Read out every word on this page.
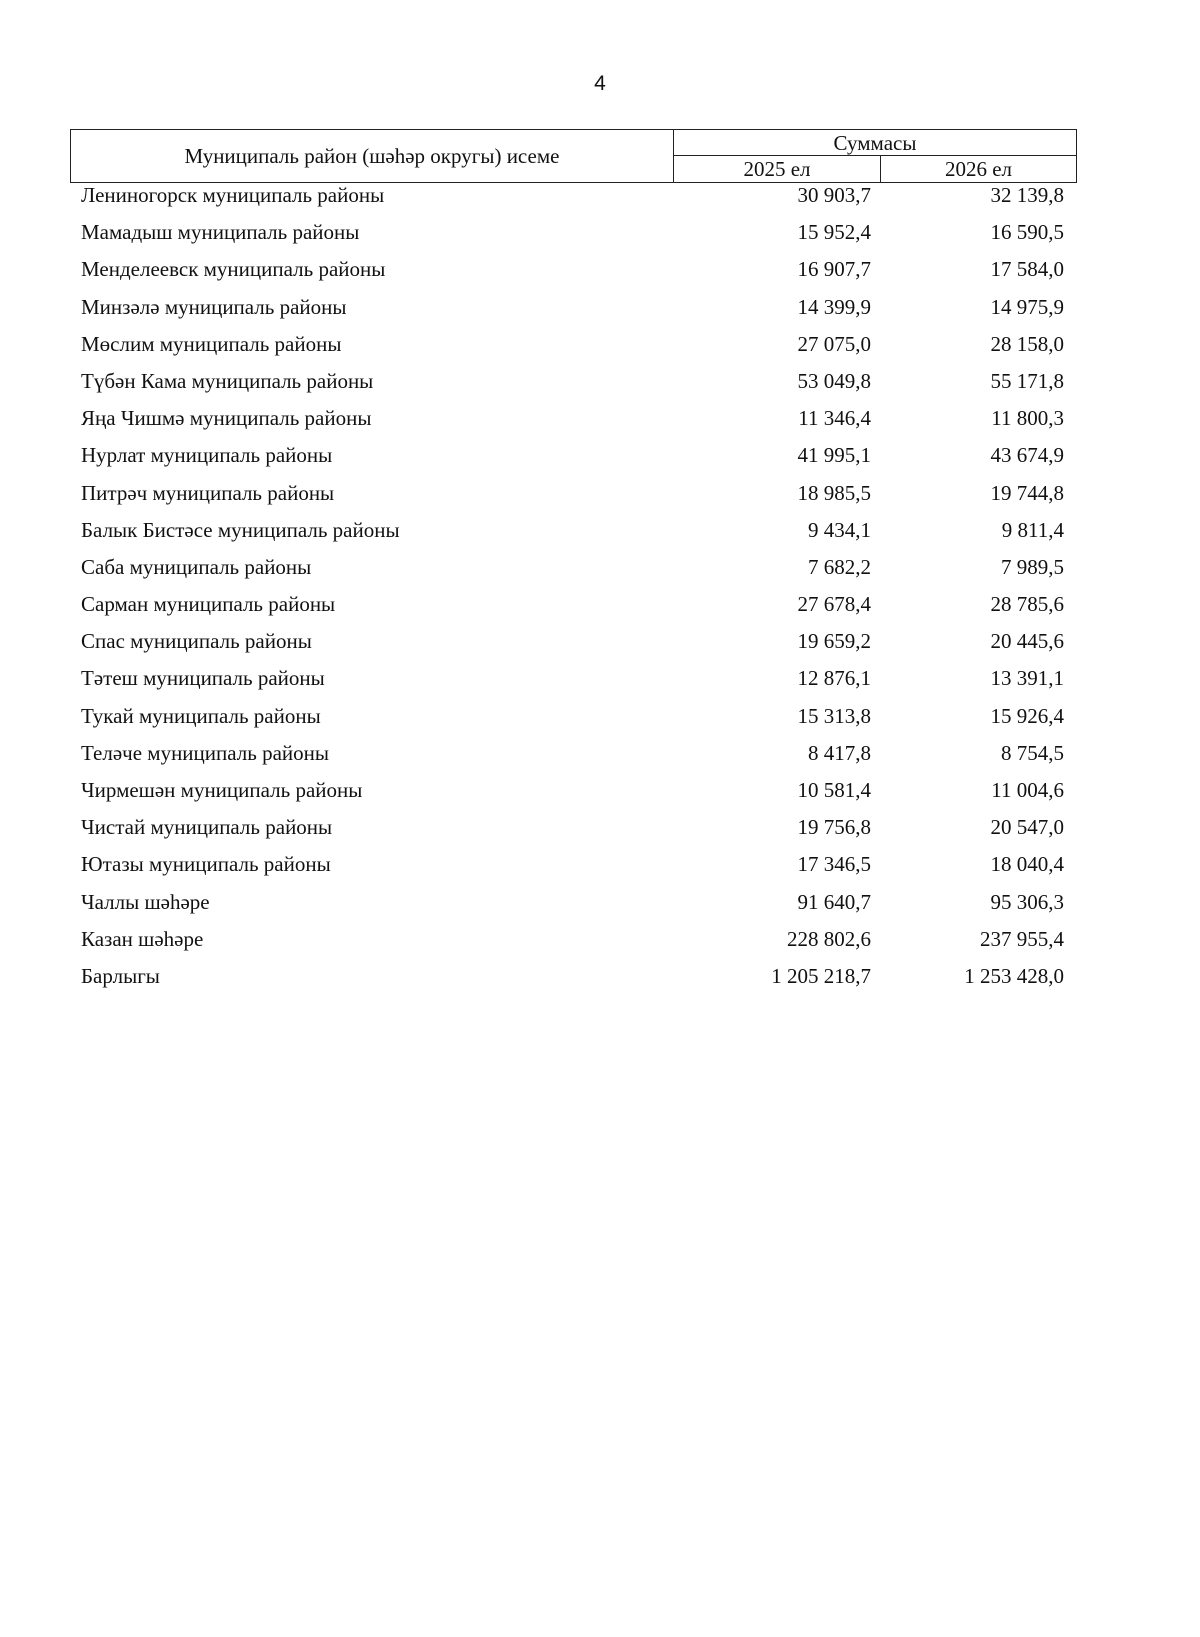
4
Муниципаль район (шәһәр округы) исеме
Суммасы
2025 ел	2026 ел
Лениногорск муниципаль районы	30 903,7	32 139,8
Мамадыш муниципаль районы	15 952,4	16 590,5
Менделеевск муниципаль районы	16 907,7	17 584,0
Минзәлә муниципаль районы	14 399,9	14 975,9
Мөслим муниципаль районы	27 075,0	28 158,0
Түбән Кама муниципаль районы	53 049,8	55 171,8
Яңа Чишмә муниципаль районы	11 346,4	11 800,3
Нурлат муниципаль районы	41 995,1	43 674,9
Питрәч муниципаль районы	18 985,5	19 744,8
Балык Бистәсе муниципаль районы	9 434,1	9 811,4
Саба муниципаль районы	7 682,2	7 989,5
Сарман муниципаль районы	27 678,4	28 785,6
Спас муниципаль районы	19 659,2	20 445,6
Тәтеш муниципаль районы	12 876,1	13 391,1
Тукай муниципаль районы	15 313,8	15 926,4
Теләче муниципаль районы	8 417,8	8 754,5
Чирмешән муниципаль районы	10 581,4	11 004,6
Чистай муниципаль районы	19 756,8	20 547,0
Ютазы муниципаль районы	17 346,5	18 040,4
Чаллы шәһәре	91 640,7	95 306,3
Казан шәһәре	228 802,6	237 955,4
Барлыгы	1 205 218,7	1 253 428,0
